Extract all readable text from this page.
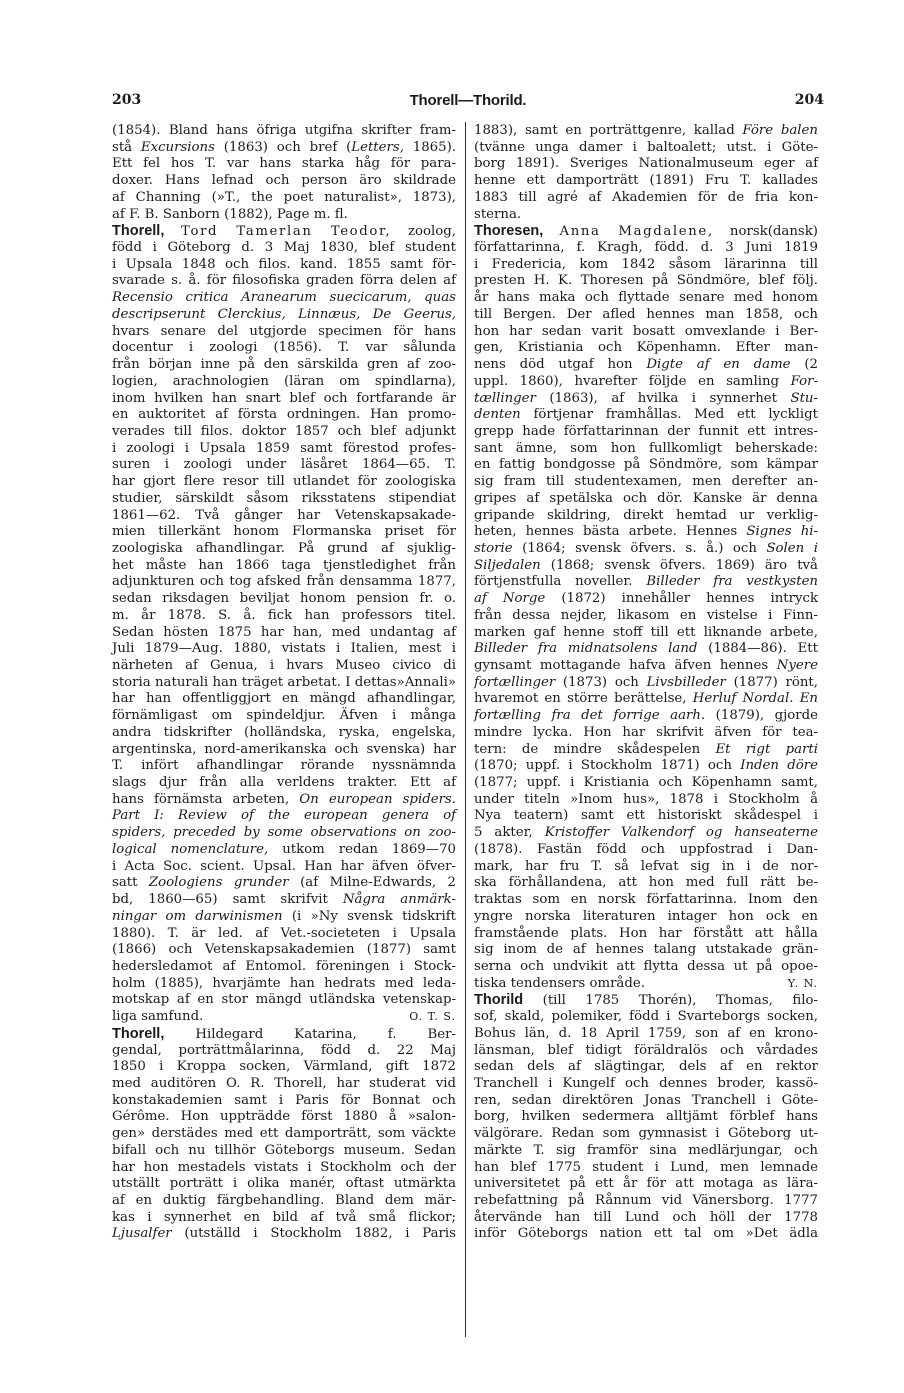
203	Thorell—Thorild.	204
(1854). Bland hans öfriga utgifna skrifter fram-
stå Excursions (1863) och bref (Letters, 1865).
Ett fel hos T. var hans starka håg för para-
doxer. Hans lefnad och person äro skildrade
af Channing (»T., the poet naturalist», 1873),
af F. B. Sanborn (1882), Page m. fl.
Thorell, Tord Tamerlan Teodor, zoolog,
född i Göteborg d. 3 Maj 1830, blef student
i Upsala 1848 och filos. kand. 1855 samt för-
svarade s. å. för filosofiska graden förra delen af
Recensio critica Aranearum suecicarum, quas
descripserunt Clerckius, Linnæus, De Geerus,
hvars senare del utgjorde specimen för hans
docentur i zoologi (1856). T. var sålunda
från början inne på den särskilda gren af zoo-
logien, arachnologien (läran om spindlarna),
inom hvilken han snart blef och fortfarande är
en auktoritet af första ordningen. Han promo-
verades till filos. doktor 1857 och blef adjunkt
i zoologi i Upsala 1859 samt förestod profes-
suren i zoologi under läsåret 1864—65. T.
har gjort flere resor till utlandet för zoologiska
studier, särskildt såsom riksstatens stipendiat
1861—62. Två gånger har Vetenskapsakade-
mien tillerkänt honom Flormanska priset för
zoologiska afhandlingar. På grund af sjuklig-
het måste han 1866 taga tjenstledighet från
adjunkturen och tog afsked från densamma 1877,
sedan riksdagen beviljat honom pension fr. o.
m. år 1878. S. å. fick han professors titel.
Sedan hösten 1875 har han, med undantag af
Juli 1879—Aug. 1880, vistats i Italien, mest i
närheten af Genua, i hvars Museo civico di
storia naturali han träget arbetat. I dettas»Annali»
har han offentliggjort en mängd afhandlingar,
förnämligast om spindeldjur. Äfven i många
andra tidskrifter (holländska, ryska, engelska,
argentinska, nord-amerikanska och svenska) har
T. infört afhandlingar rörande nyssnämnda
slags djur från alla verldens trakter. Ett af
hans förnämsta arbeten, On european spiders.
Part I: Review of the european genera of
spiders, preceded by some observations on zoo-
logical nomenclature, utkom redan 1869—70
i Acta Soc. scient. Upsal. Han har äfven öfver-
satt Zoologiens grunder (af Milne-Edwards, 2
bd, 1860—65) samt skrifvit Några anmärk-
ningar om darwinismen (i »Ny svensk tidskrift
1880). T. är led. af Vet.-societeten i Upsala
(1866) och Vetenskapsakademien (1877) samt
hedersledamot af Entomol. föreningen i Stock-
holm (1885), hvarjämte han hedrats med leda-
motskap af en stor mängd utländska vetenskap-
liga samfund.	O. T. S.
Thorell, Hildegard Katarina, f. Ber-
gendal, porträttmålarinna, född d. 22 Maj
1850 i Kroppa socken, Värmland, gift 1872
med auditören O. R. Thorell, har studerat vid
konstakademien samt i Paris för Bonnat och
Gérôme. Hon uppträdde först 1880 å »salon-
gen» derstädes med ett damporträtt, som väckte
bifall och nu tillhör Göteborgs museum. Sedan
har hon mestadels vistats i Stockholm och der
utställt porträtt i olika manér, oftast utmärkta
af en duktig färgbehandling. Bland dem mär-
kas i synnerhet en bild af två små flickor;
Ljusalfer (utställd i Stockholm 1882, i Paris
1883), samt en porträttgenre, kallad Före balen
(tvänne unga damer i baltoalett; utst. i Göte-
borg 1891). Sveriges Nationalmuseum eger af
henne ett damporträtt (1891) Fru T. kallades
1883 till agré af Akademien för de fria kon-
sterna.
Thoresen, Anna Magdalene, norsk(dansk)
författarinna, f. Kragh, född. d. 3 Juni 1819
i Fredericia, kom 1842 såsom lärarinna till
presten H. K. Thoresen på Söndmöre, blef följ.
år hans maka och flyttade senare med honom
till Bergen. Der afled hennes man 1858, och
hon har sedan varit bosatt omvexlande i Ber-
gen, Kristiania och Köpenhamn. Efter man-
nens död utgaf hon Digte af en dame (2
uppl. 1860), hvarefter följde en samling For-
tællinger (1863), af hvilka i synnerhet Stu-
denten förtjenar framhållas. Med ett lyckligt
grepp hade författarinnan der funnit ett intres-
sant ämne, som hon fullkomligt beherskade:
en fattig bondgosse på Söndmöre, som kämpar
sig fram till studentexamen, men derefter an-
gripes af spetälska och dör. Kanske är denna
gripande skildring, direkt hemtad ur verklig-
heten, hennes bästa arbete. Hennes Signes hi-
storie (1864; svensk öfvers. s. å.) och Solen i
Siljedalen (1868; svensk öfvers. 1869) äro två
förtjenstfulla noveller. Billeder fra vestkysten
af Norge (1872) innehåller hennes intryck
från dessa nejder, likasom en vistelse i Finn-
marken gaf henne stoff till ett liknande arbete,
Billeder fra midnatsolens land (1884—86). Ett
gynsamt mottagande hafva äfven hennes Nyere
fortællinger (1873) och Livsbilleder (1877) rönt,
hvaremot en större berättelse, Herluf Nordal. En
fortælling fra det forrige aarh. (1879), gjorde
mindre lycka. Hon har skrifvit äfven för tea-
tern: de mindre skådespelen Et rigt parti
(1870; uppf. i Stockholm 1871) och Inden döre
(1877; uppf. i Kristiania och Köpenhamn samt,
under titeln »Inom hus», 1878 i Stockholm å
Nya teatern) samt ett historiskt skådespel i
5 akter, Kristoffer Valkendorf og hanseaterne
(1878). Fastän född och uppfostrad i Dan-
mark, har fru T. så lefvat sig in i de nor-
ska förhållandena, att hon med full rätt be-
traktas som en norsk författarinna. Inom den
yngre norska literaturen intager hon ock en
framstående plats. Hon har förstått att hålla
sig inom de af hennes talang utstakade grän-
serna och undvikit att flytta dessa ut på opoe-
tiska tendensers område.	Y. N.
Thorild (till 1785 Thorén), Thomas, filo-
sof, skald, polemiker, född i Svarteborgs socken,
Bohus län, d. 18 April 1759, son af en krono-
länsman, blef tidigt föräldralös och vårdades
sedan dels af slägtingar, dels af en rektor
Tranchell i Kungelf och dennes broder, kassö-
ren, sedan direktören Jonas Tranchell i Göte-
borg, hvilken sedermera alltjämt förblef hans
välgörare. Redan som gymnasist i Göteborg ut-
märkte T. sig framför sina medlärjungar, och
han blef 1775 student i Lund, men lemnade
universitetet på ett år för att motaga as lära-
rebefattning på Rånnum vid Vänersborg. 1777
återvände han till Lund och höll der 1778
inför Göteborgs nation ett tal om »Det ädla
